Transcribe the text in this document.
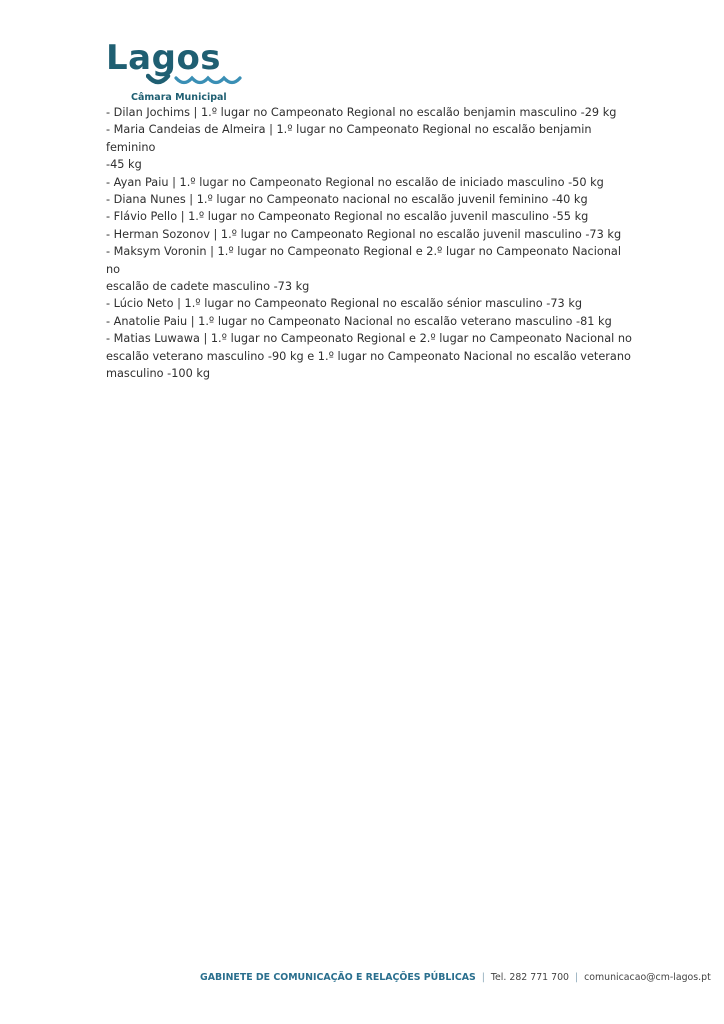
Lagos
Câmara Municipal

- Dilan Jochims | 1.º lugar no Campeonato Regional no escalão benjamin masculino -29 kg

- Maria Candeias de Almeira | 1.º lugar no Campeonato Regional no escalão benjamin feminino

-45 kg

- Ayan Paiu | 1.º lugar no Campeonato Regional no escalão de iniciado masculino -50 kg

- Diana Nunes | 1.º lugar no Campeonato nacional no escalão juvenil feminino -40 kg

- Flávio Pello | 1.º lugar no Campeonato Regional no escalão juvenil masculino -55 kg

- Herman Sozonov | 1.º lugar no Campeonato Regional no escalão juvenil masculino -73 kg

- Maksym Voronin | 1.º lugar no Campeonato Regional e 2.º lugar no Campeonato Nacional no

escalão de cadete masculino -73 kg

- Lúcio Neto | 1.º lugar no Campeonato Regional no escalão sénior masculino -73 kg

- Anatolie Paiu | 1.º lugar no Campeonato Nacional no escalão veterano masculino -81 kg

- Matias Luwawa | 1.º lugar no Campeonato Regional e 2.º lugar no Campeonato Nacional no

escalão veterano masculino -90 kg e 1.º lugar no Campeonato Nacional no escalão veterano

masculino -100 kg

GABINETE DE COMUNICAÇÃO E RELAÇÕES PÚBLICAS | Tel. 282 771 700 | comunicacao@cm-lagos.pt
